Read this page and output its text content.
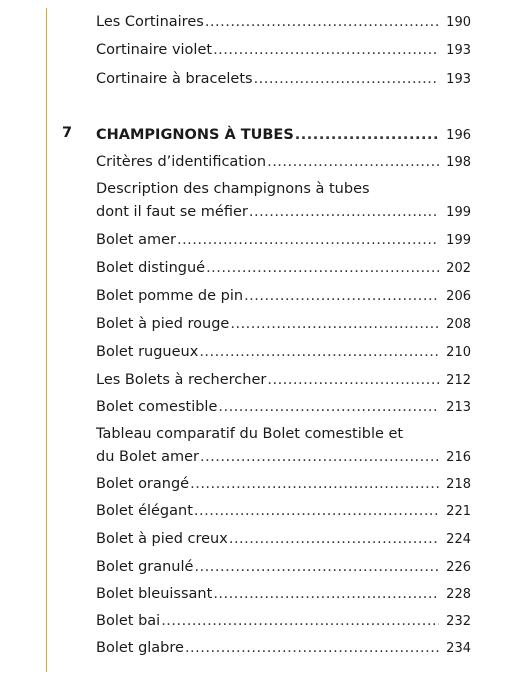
Les Cortinaires .....	190
Cortinaire violet .....	193
Cortinaire à bracelets .....	193
7 CHAMPIGNONS À TUBES .....	196
Critères d’identification .....	198
Description des champignons à tubes
dont il faut se méfier .....	199
Bolet amer .....	199
Bolet distingué .....	202
Bolet pomme de pin .....	206
Bolet à pied rouge .....	208
Bolet rugueux .....	210
Les Bolets à rechercher .....	212
Bolet comestible .....	213
Tableau comparatif du Bolet comestible et
du Bolet amer .....	216
Bolet orangé .....	218
Bolet élégant .....	221
Bolet à pied creux .....	224
Bolet granulé .....	226
Bolet bleuissant .....	228
Bolet bai .....	232
Bolet glabre .....	234
